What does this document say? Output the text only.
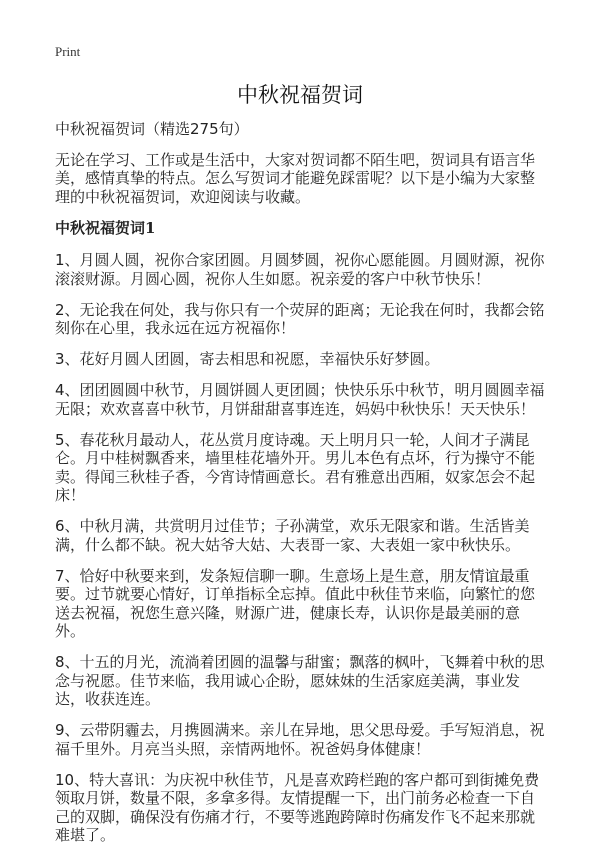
Print
中秋祝福贺词

中秋祝福贺词（精选275句）

无论在学习、工作或是生活中，大家对贺词都不陌生吧，贺词具有语言华美，感情真挚的特点。怎么写贺词才能避免踩雷呢？以下是小编为大家整理的中秋祝福贺词，欢迎阅读与收藏。

中秋祝福贺词1

1、月圆人圆，祝你合家团圆。月圆梦圆，祝你心愿能圆。月圆财源，祝你滚滚财源。月圆心圆，祝你人生如愿。祝亲爱的客户中秋节快乐！

2、无论我在何处，我与你只有一个荧屏的距离；无论我在何时，我都会铭刻你在心里，我永远在远方祝福你！

3、花好月圆人团圆，寄去相思和祝愿，幸福快乐好梦圆。

4、团团圆圆中秋节，月圆饼圆人更团圆；快快乐乐中秋节，明月圆圆幸福无限；欢欢喜喜中秋节，月饼甜甜喜事连连，妈妈中秋快乐！天天快乐！

5、春花秋月最动人，花丛赏月度诗魂。天上明月只一轮，人间才子满昆仑。月中桂树飘香来，墙里桂花墙外开。男儿本色有点坏，行为操守不能卖。得闻三秋桂子香，今宵诗情画意长。君有雅意出西厢，奴家怎会不起床！

6、中秋月满，共赏明月过佳节；子孙满堂，欢乐无限家和谐。生活皆美满，什么都不缺。祝大姑爷大姑、大表哥一家、大表姐一家中秋快乐。

7、恰好中秋要来到，发条短信聊一聊。生意场上是生意，朋友情谊最重要。过节就要心情好，订单指标全忘掉。值此中秋佳节来临，向繁忙的您送去祝福，祝您生意兴隆，财源广进，健康长寿，认识你是最美丽的意外。

8、十五的月光，流淌着团圆的温馨与甜蜜；飘落的枫叶，飞舞着中秋的思念与祝愿。佳节来临，我用诚心企盼，愿妹妹的生活家庭美满，事业发达，收获连连。

9、云带阴霾去，月携圆满来。亲儿在异地，思父思母爱。手写短消息，祝福千里外。月亮当头照，亲情两地怀。祝爸妈身体健康！

10、特大喜讯：为庆祝中秋佳节，凡是喜欢跨栏跑的客户都可到街摊免费领取月饼，数量不限，多拿多得。友情提醒一下，出门前务必检查一下自己的双脚，确保没有伤痛才行，不要等逃跑跨障时伤痛发作飞不起来那就难堪了。
